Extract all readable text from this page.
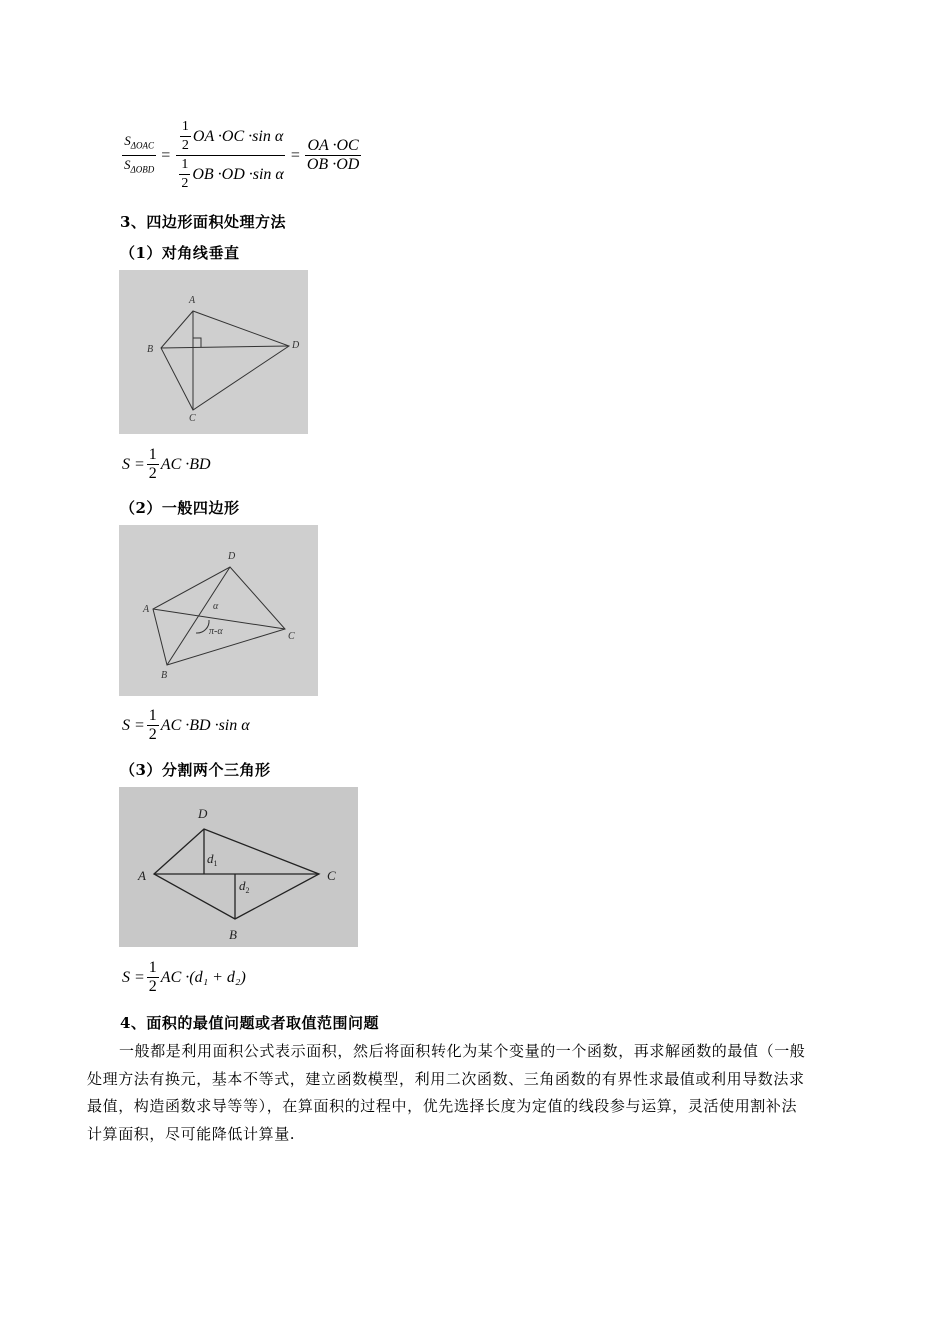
$\frac{S_{\Delta OAC}}{S_{\Delta OBD}} = \frac{\frac{1}{2} OA \cdot OC \cdot\sin \alpha}{\frac{1}{2} OB \cdot OD \cdot\sin \alpha} = \frac{OA \cdot OC}{OB \cdot OD}$
3、四边形面积处理方法
（1）对角线垂直
A
B
C
D
$S = \frac{1}{2}$ AC ·BD
（2）一般四边形
A
B
C
D
α
π-α
$S = \frac{1}{2}$ AC ·BD ·sin α
（3）分割两个三角形
A
B
C
D
$d_1$
$d_2$
$S = \frac{1}{2}$ AC ·(d₁ + d₂)
4、面积的最值问题或者取值范围问题
一般都是利用面积公式表示面积，然后将面积转化为某个变量的一个函数，再求解函数的最值（一般
处理方法有换元，基本不等式，建立函数模型，利用二次函数、三角函数的有界性求最值或利用导数法求
最值，构造函数求导等等），在算面积的过程中，优先选择长度为定值的线段参与运算，灵活使用割补法
计算面积，尽可能降低计算量.
